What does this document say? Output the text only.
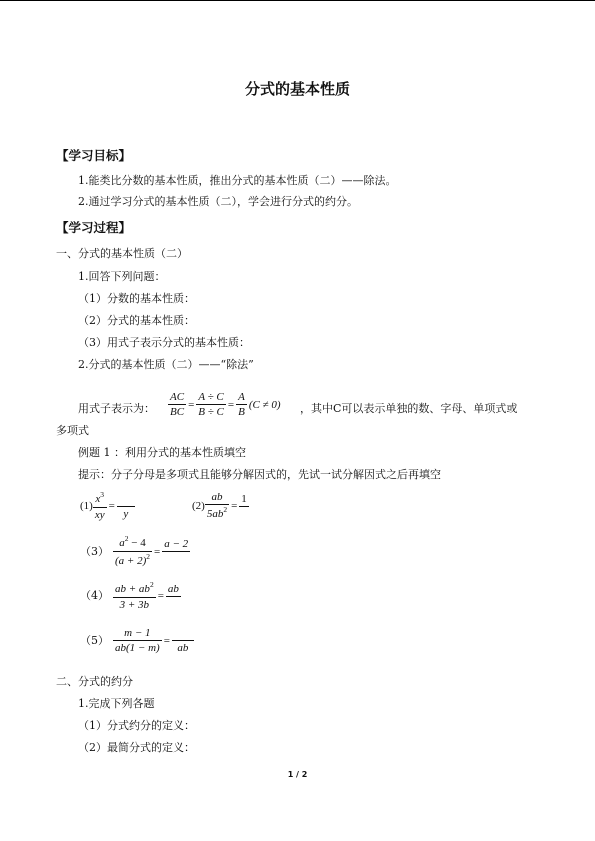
分式的基本性质
【学习目标】
1.能类比分数的基本性质，推出分式的基本性质（二）——除法。
2.通过学习分式的基本性质（二），学会进行分式的约分。
【学习过程】
一、分式的基本性质（二）
1.回答下列问题：
（1）分数的基本性质：
（2）分式的基本性质：
（3）用式子表示分式的基本性质：
2.分式的基本性质（二）——“除法”
用式子表示为： $\frac{AC}{BC} = \frac{A \div C}{B \div C} = \frac{A}{B} (C \ne 0)$ ，其中C可以表示单独的数、字母、单项式或
多项式
例题 1 ：利用分式的基本性质填空
提示：分子分母是多项式且能够分解因式的，先试一试分解因式之后再填空
$(1) \frac{x^3}{xy}$ =

y
$(2) \frac{ab}{5ab^2}$ =
1

$(3) \frac{a^2 - 4}{(a + 2)^2}$ =
a − 2

$(4) \frac{ab + ab^2}{3 + 3b}$ =
ab

$(5) \frac{m - 1}{ab(1 - m)}$ =

ab
二、分式的约分
1.完成下列各题
（1）分式约分的定义：
（2）最简分式的定义：
1 / 2
